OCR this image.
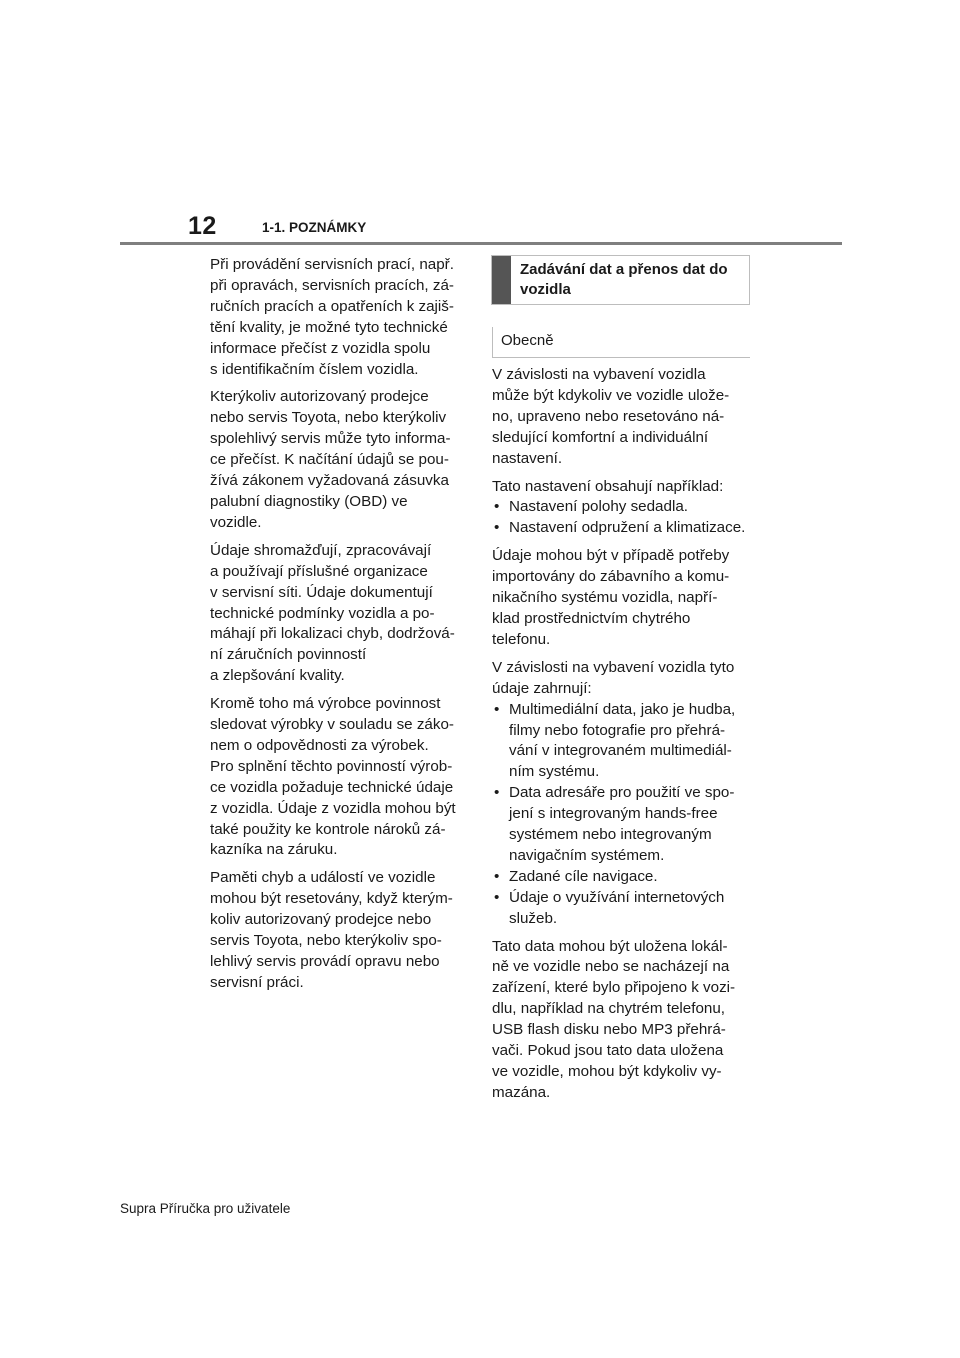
12	1-1. POZNÁMKY

Při provádění servisních prací, např.
při opravách, servisních pracích, zá-
ručních pracích a opatřeních k zajiš-
tění kvality, je možné tyto technické
informace přečíst z vozidla spolu
s identifikačním číslem vozidla.

Kterýkoliv autorizovaný prodejce
nebo servis Toyota, nebo kterýkoliv
spolehlivý servis může tyto informa-
ce přečíst. K načítání údajů se pou-
žívá zákonem vyžadovaná zásuvka
palubní diagnostiky (OBD) ve
vozidle.

Údaje shromažďují, zpracovávají
a používají příslušné organizace
v servisní síti. Údaje dokumentují
technické podmínky vozidla a po-
máhají při lokalizaci chyb, dodržová-
ní záručních povinností
a zlepšování kvality.

Kromě toho má výrobce povinnost
sledovat výrobky v souladu se záko-
nem o odpovědnosti za výrobek.
Pro splnění těchto povinností výrob-
ce vozidla požaduje technické údaje
z vozidla. Údaje z vozidla mohou být
také použity ke kontrole nároků zá-
kazníka na záruku.

Paměti chyb a událostí ve vozidle
mohou být resetovány, když kterým-
koliv autorizovaný prodejce nebo
servis Toyota, nebo kterýkoliv spo-
lehlivý servis provádí opravu nebo
servisní práci.

Zadávání dat a přenos dat do
vozidla
Obecně

V závislosti na vybavení vozidla
může být kdykoliv ve vozidle ulože-
no, upraveno nebo resetováno ná-
sledující komfortní a individuální
nastavení.

Tato nastavení obsahují například:

• Nastavení polohy sedadla.
• Nastavení odpružení a klimatizace.

Údaje mohou být v případě potřeby
importovány do zábavního a komu-
nikačního systému vozidla, napří-
klad prostřednictvím chytrého
telefonu.

V závislosti na vybavení vozidla tyto
údaje zahrnují:

• Multimediální data, jako je hudba,
filmy nebo fotografie pro přehrá-
vání v integrovaném multimediál-
ním systému.
• Data adresáře pro použití ve spo-
jení s integrovaným hands-free
systémem nebo integrovaným
navigačním systémem.
• Zadané cíle navigace.
• Údaje o využívání internetových
služeb.

Tato data mohou být uložena lokál-
ně ve vozidle nebo se nacházejí na
zařízení, které bylo připojeno k vozi-
dlu, například na chytrém telefonu,
USB flash disku nebo MP3 přehrá-
vači. Pokud jsou tato data uložena
ve vozidle, mohou být kdykoliv vy-
mazána.

Supra Příručka pro uživatele
